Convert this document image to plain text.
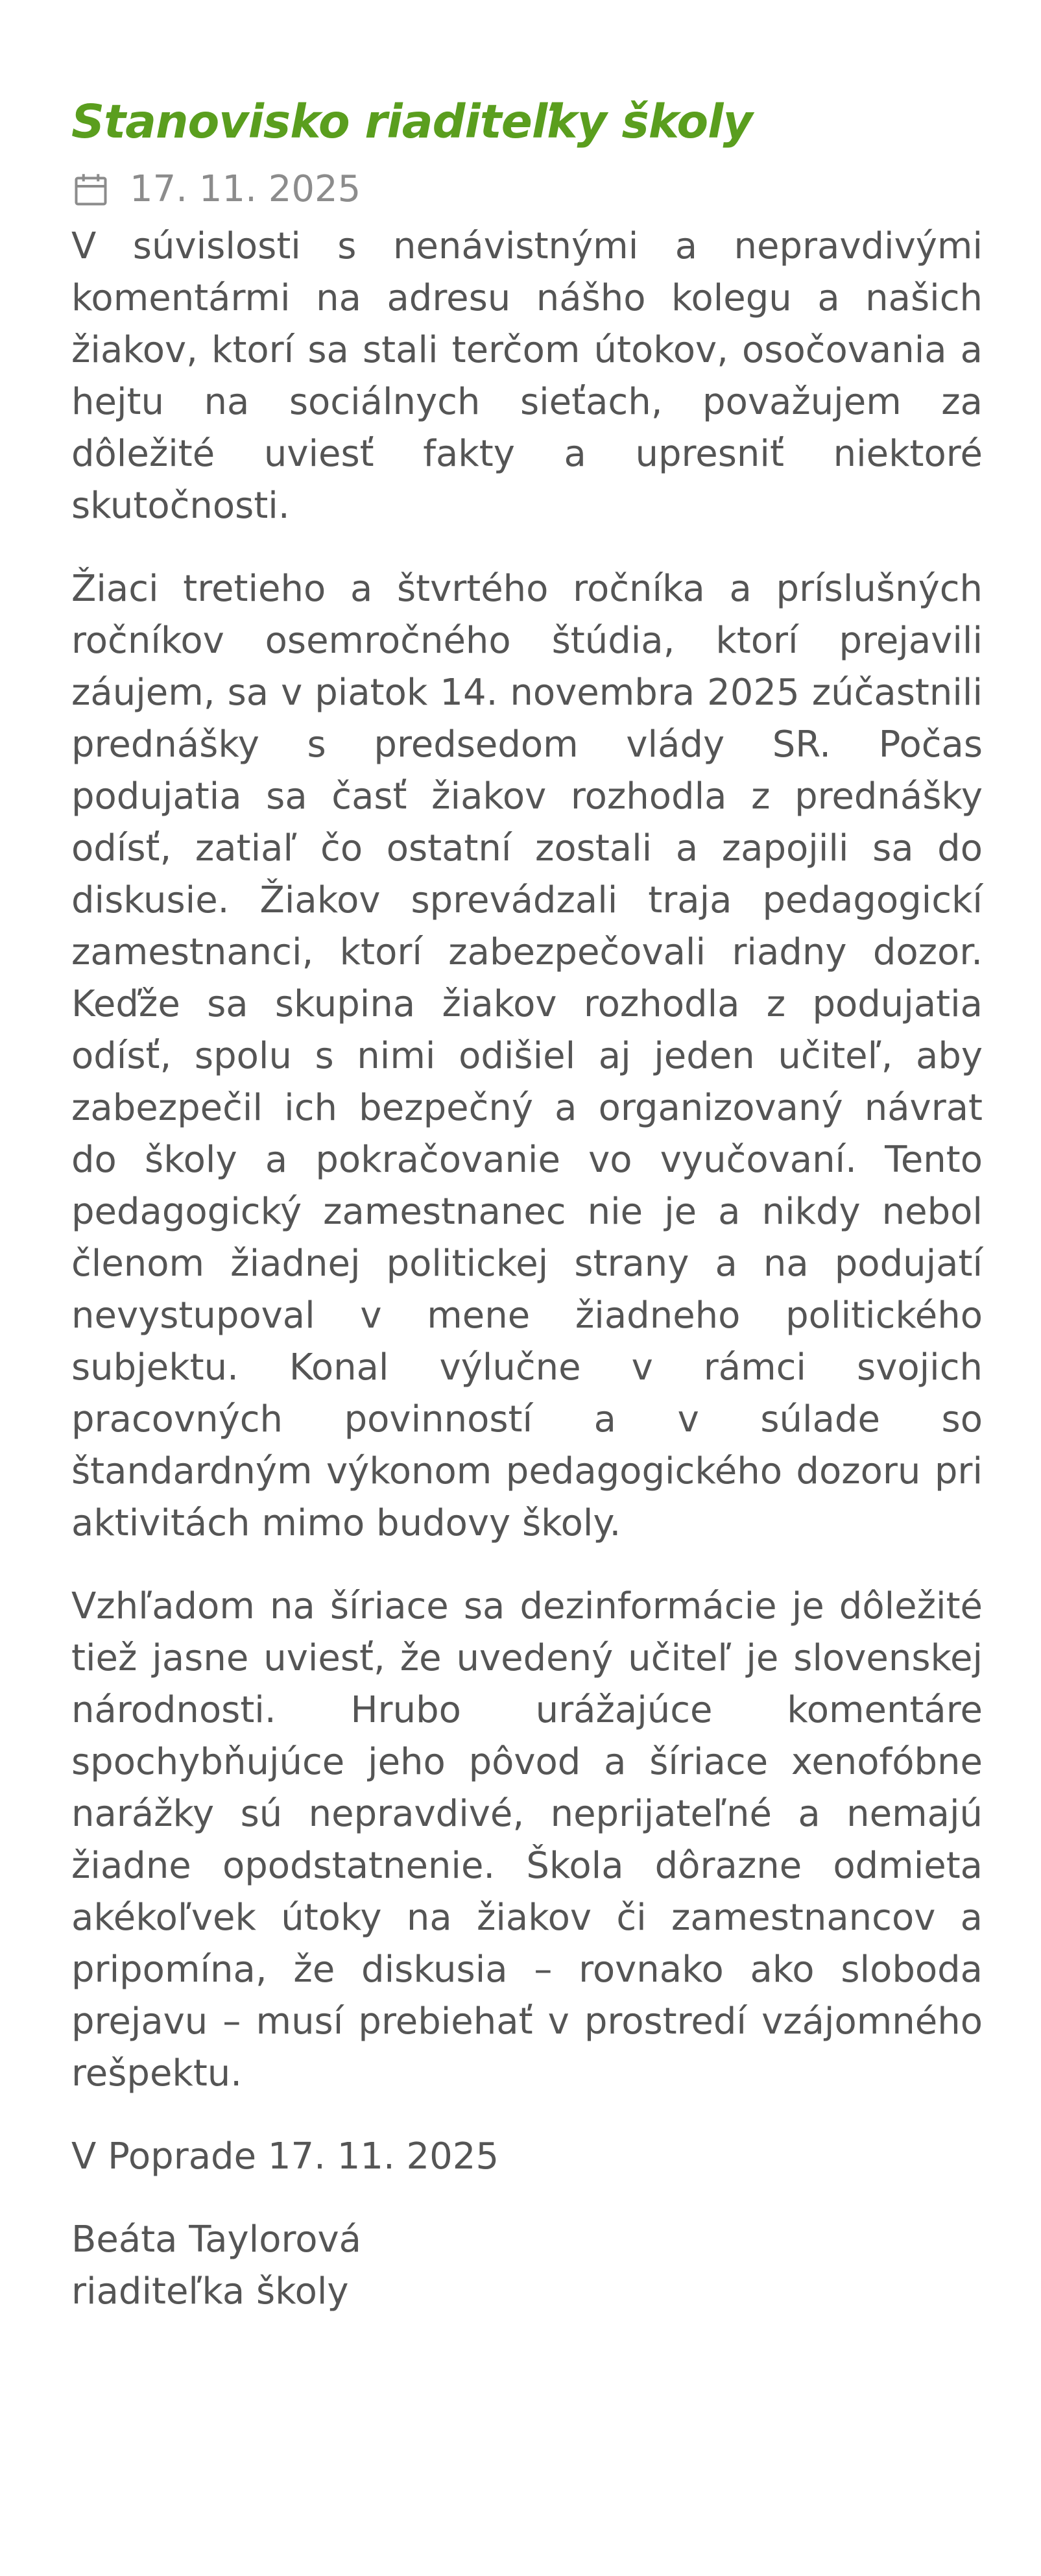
Stanovisko riaditeľky školy
17. 11. 2025

V súvislosti s nenávistnými a nepravdivými komentármi na adresu nášho kolegu a našich žiakov, ktorí sa stali terčom útokov, osočovania a hejtu na sociálnych sieťach, považujem za dôležité uviesť fakty a upresniť niektoré skutočnosti.

Žiaci tretieho a štvrtého ročníka a príslušných ročníkov osemročného štúdia, ktorí prejavili záujem, sa v piatok 14. novembra 2025 zúčastnili prednášky s predsedom vlády SR. Počas podujatia sa časť žiakov rozhodla z prednášky odísť, zatiaľ čo ostatní zostali a zapojili sa do diskusie. Žiakov sprevádzali traja pedagogickí zamestnanci, ktorí zabezpečovali riadny dozor. Keďže sa skupina žiakov rozhodla z podujatia odísť, spolu s nimi odišiel aj jeden učiteľ, aby zabezpečil ich bezpečný a organizovaný návrat do školy a pokračovanie vo vyučovaní. Tento pedagogický zamestnanec nie je a nikdy nebol členom žiadnej politickej strany a na podujatí nevystupoval v mene žiadneho politického subjektu. Konal výlučne v rámci svojich pracovných povinností a v súlade so štandardným výkonom pedagogického dozoru pri aktivitách mimo budovy školy.

Vzhľadom na šíriace sa dezinformácie je dôležité tiež jasne uviesť, že uvedený učiteľ je slovenskej národnosti. Hrubo urážajúce komentáre spochybňujúce jeho pôvod a šíriace xenofóbne narážky sú nepravdivé, neprijateľné a nemajú žiadne opodstatnenie. Škola dôrazne odmieta akékoľvek útoky na žiakov či zamestnancov a pripomína, že diskusia – rovnako ako sloboda prejavu – musí prebiehať v prostredí vzájomného rešpektu.

V Poprade 17. 11. 2025

Beáta Taylorová
riaditeľka školy
